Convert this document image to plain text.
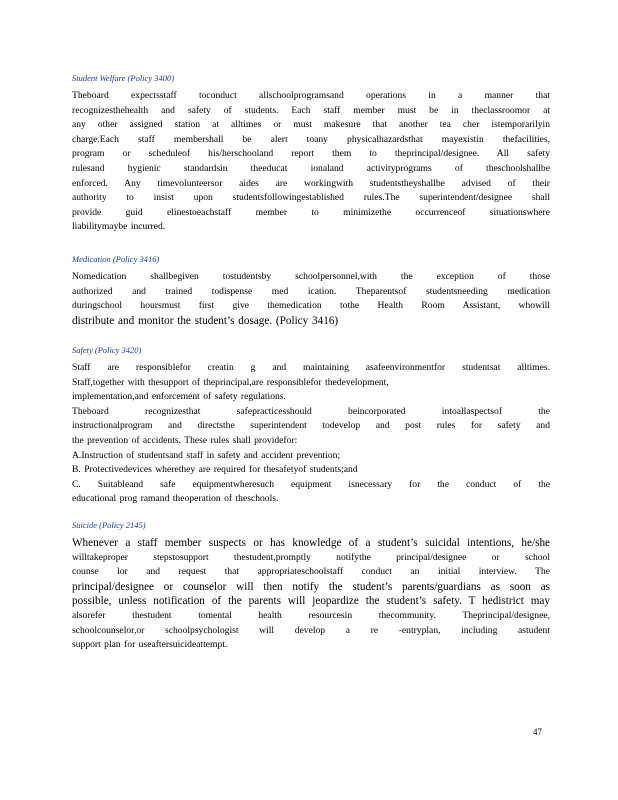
Student Welfare (Policy 3400)
Theboard expectsstaff toconduct allschoolprogramsand operations in a manner that
recognizesthehealth and safety of students. Each staff member must be in theclassroomor at
any other assigned station at alltimes or must makesure that another tea cher istemporarilyin
charge.Each staff membershall be alert toany physicalhazardsthat mayexistin thefacilities,
program or scheduleof his/herschooland report them to theprincipal/designee. All safety
rulesand hygienic standardsin theeducat ionaland activityprograms of theschoolshallbe
enforced. Any timevolunteersor aides are workingwith studentstheyshallbe advised of their
authority to insist upon studentsfollowingestablished rules.The superintendent/designee shall
provide guid elinestoeachstaff member to minimizethe occurrenceof situationswhere
liabilitymaybe incurred.
Medication (Policy 3416)
Nomedication shallbegiven tostudentsby schoolpersonnel,with the exception of those
authorized and trained todispense med ication. Theparentsof studentsneeding medication
duringschool hoursmust first give themedication tothe Health Room Assistant, whowill
distribute and monitor the student’s dosage. (Policy 3416)
Safety (Policy 3420)
Staff are responsiblefor creatin g and maintaining asafeenvironmentfor studentsat alltimes.
Staff,together with thesupport of theprincipal,are responsiblefor thedevelopment,
implementation,and enforcement of safety regulations.
Theboard recognizesthat safepracticesshould beincorporated intoallaspectsof the
instructionalprogram and directsthe superintendent todevelop and post rules for safety and
the prevention of accidents. These rules shall providefor:
A.Instruction of studentsand staff in safety and accident prevention;
B. Protectivedevices wherethey are required for thesafetyof students;and
C. Suitableand safe equipmentwheresuch equipment isnecessary for the conduct of the
educational prog ramand theoperation of theschools.
Suicide (Policy 2145)
Whenever a staff member suspects or has knowledge of a student’s suicidal intentions, he/she
willtakeproper stepstosupport thestudent,promptly notifythe principal/designee or school
counse lor and request that appropriateschoolstaff conduct an initial interview. The
principal/designee or counselor will then notify the student’s parents/guardians as soon as
possible, unless notification of the parents will jeopardize the student’s safety. T hedistrict may
alsorefer thestudent tomental health resourcesin thecommunity. Theprincipal/designee,
schoolcounselor,or schoolpsychologist will develop a re -entryplan, including astudent
support plan for useaftersuicideattempt.
47
